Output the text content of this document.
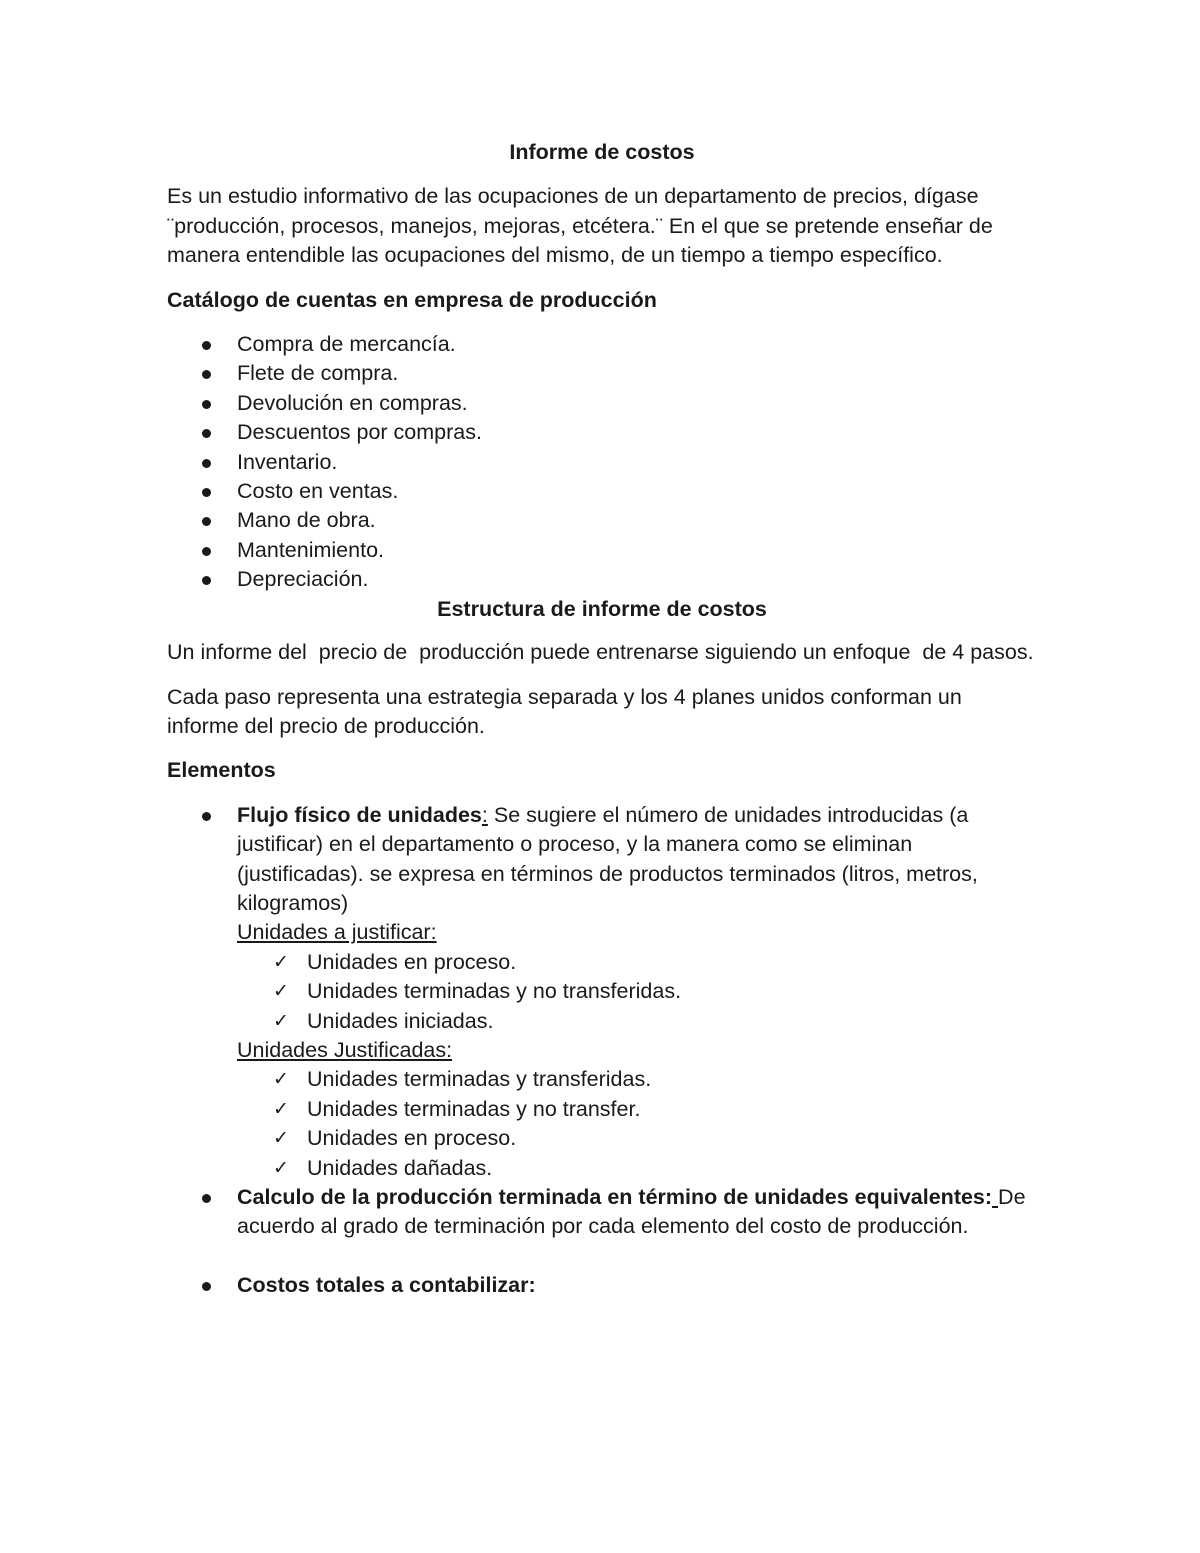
Informe de costos

Es un estudio informativo de las ocupaciones de un departamento de precios, dígase ¨producción, procesos, manejos, mejoras, etcétera.¨ En el que se pretende enseñar de manera entendible las ocupaciones del mismo, de un tiempo a tiempo específico.

Catálogo de cuentas en empresa de producción

Compra de mercancía.
Flete de compra.
Devolución en compras.
Descuentos por compras.
Inventario.
Costo en ventas.
Mano de obra.
Mantenimiento.
Depreciación.

Estructura de informe de costos

Un informe del  precio de  producción puede entrenarse siguiendo un enfoque  de 4 pasos.

Cada paso representa una estrategia separada y los 4 planes unidos conforman un informe del precio de producción.

Elementos

Flujo físico de unidades: Se sugiere el número de unidades introducidas (a justificar) en el departamento o proceso, y la manera como se eliminan (justificadas). se expresa en términos de productos terminados (litros, metros, kilogramos)
Unidades a justificar:
✓ Unidades en proceso.
✓ Unidades terminadas y no transferidas.
✓ Unidades iniciadas.
Unidades Justificadas:
✓ Unidades terminadas y transferidas.
✓ Unidades terminadas y no transfer.
✓ Unidades en proceso.
✓ Unidades dañadas.
Calculo de la producción terminada en término de unidades equivalentes: De acuerdo al grado de terminación por cada elemento del costo de producción.
Costos totales a contabilizar:
